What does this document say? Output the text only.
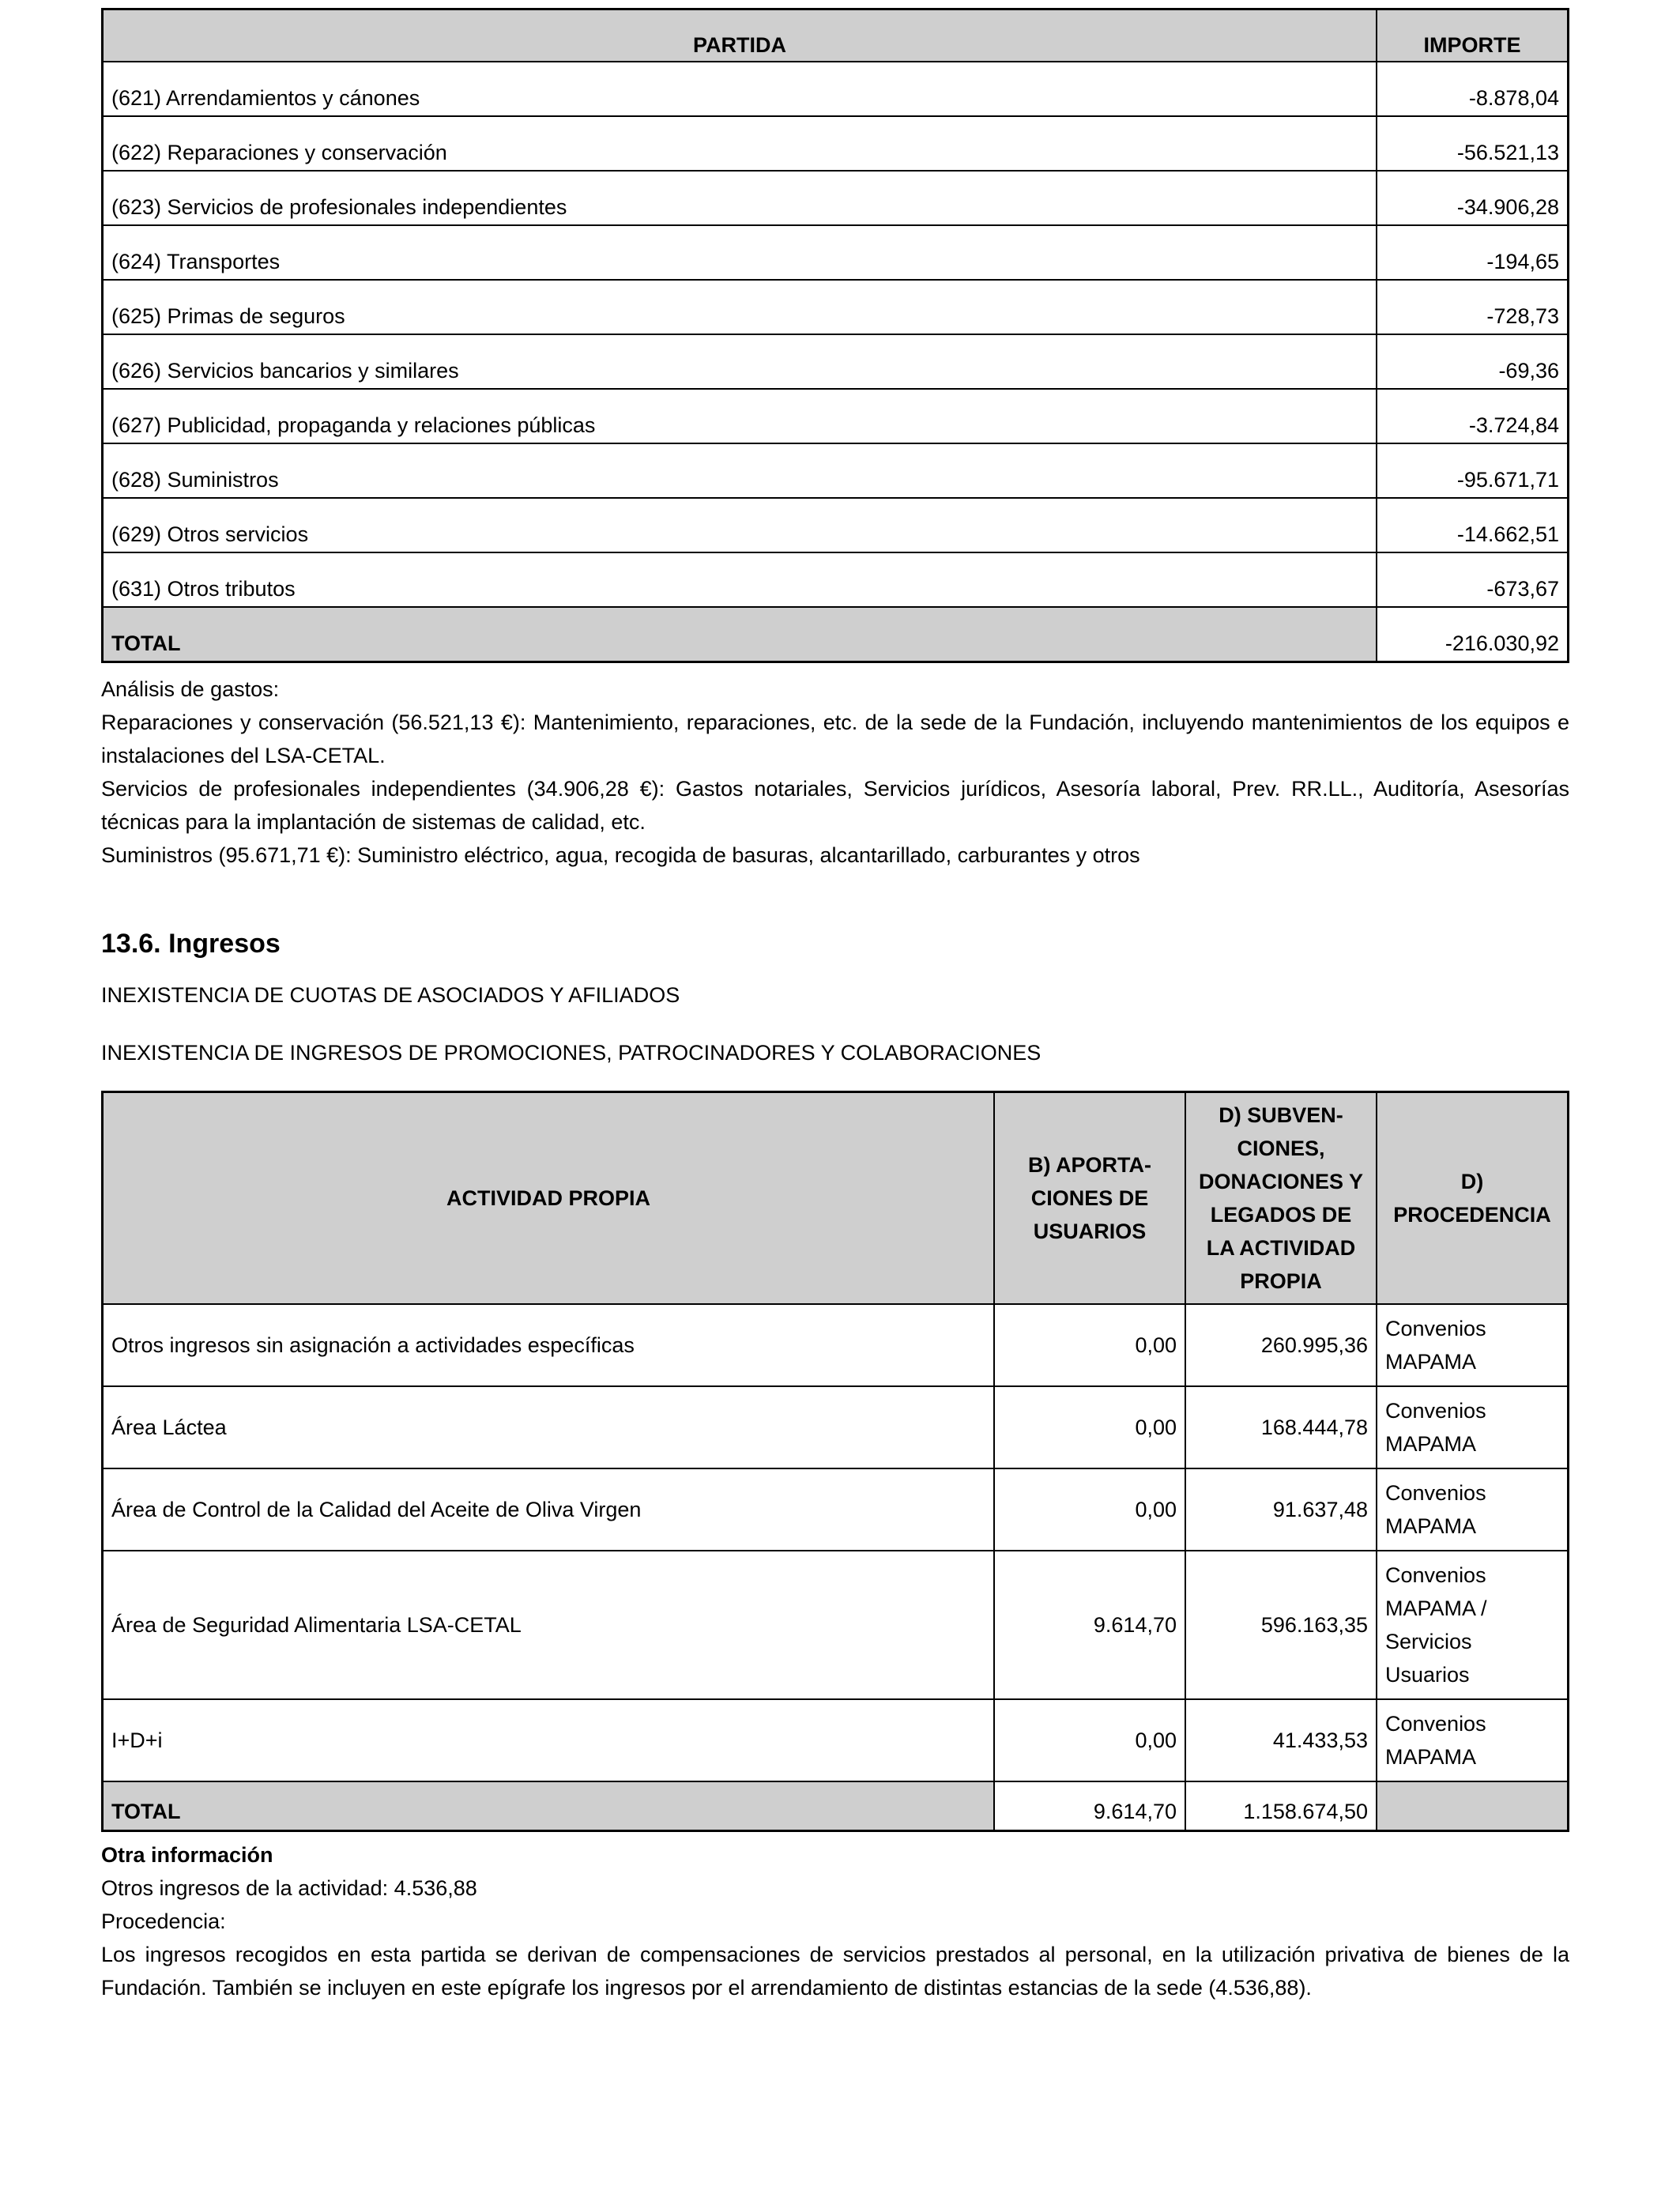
PARTIDA	IMPORTE
(621) Arrendamientos y cánones	-8.878,04
(622) Reparaciones y conservación	-56.521,13
(623) Servicios de profesionales independientes	-34.906,28
(624) Transportes	-194,65
(625) Primas de seguros	-728,73
(626) Servicios bancarios y similares	-69,36
(627) Publicidad, propaganda y relaciones públicas	-3.724,84
(628) Suministros	-95.671,71
(629) Otros servicios	-14.662,51
(631) Otros tributos	-673,67
TOTAL	-216.030,92
Análisis de gastos:
Reparaciones y conservación (56.521,13 €): Mantenimiento, reparaciones, etc. de la sede de la Fundación, incluyendo mantenimientos de los equipos e instalaciones del LSA-CETAL.
Servicios de profesionales independientes (34.906,28 €): Gastos notariales, Servicios jurídicos, Asesoría laboral, Prev. RR.LL., Auditoría, Asesorías técnicas para la implantación de sistemas de calidad, etc.
Suministros (95.671,71 €): Suministro eléctrico, agua, recogida de basuras, alcantarillado, carburantes y otros
13.6. Ingresos

INEXISTENCIA DE CUOTAS DE ASOCIADOS Y AFILIADOS

INEXISTENCIA DE INGRESOS DE PROMOCIONES, PATROCINADORES Y COLABORACIONES

ACTIVIDAD PROPIA	B) APORTA-CIONES DE USUARIOS	D) SUBVEN-CIONES, DONACIONES Y LEGADOS DE LA ACTIVIDAD PROPIA	D) PROCEDENCIA
Otros ingresos sin asignación a actividades específicas	0,00	260.995,36	Convenios MAPAMA
Área Láctea	0,00	168.444,78	Convenios MAPAMA
Área de Control de la Calidad del Aceite de Oliva Virgen	0,00	91.637,48	Convenios MAPAMA
Área de Seguridad Alimentaria LSA-CETAL	9.614,70	596.163,35	Convenios MAPAMA / Servicios Usuarios
I+D+i	0,00	41.433,53	Convenios MAPAMA
TOTAL	9.614,70	1.158.674,50	
Otra información
Otros ingresos de la actividad: 4.536,88
Procedencia:
Los ingresos recogidos en esta partida se derivan de compensaciones de servicios prestados al personal, en la utilización privativa de bienes de la Fundación. También se incluyen en este epígrafe los ingresos por el arrendamiento de distintas estancias de la sede (4.536,88).
